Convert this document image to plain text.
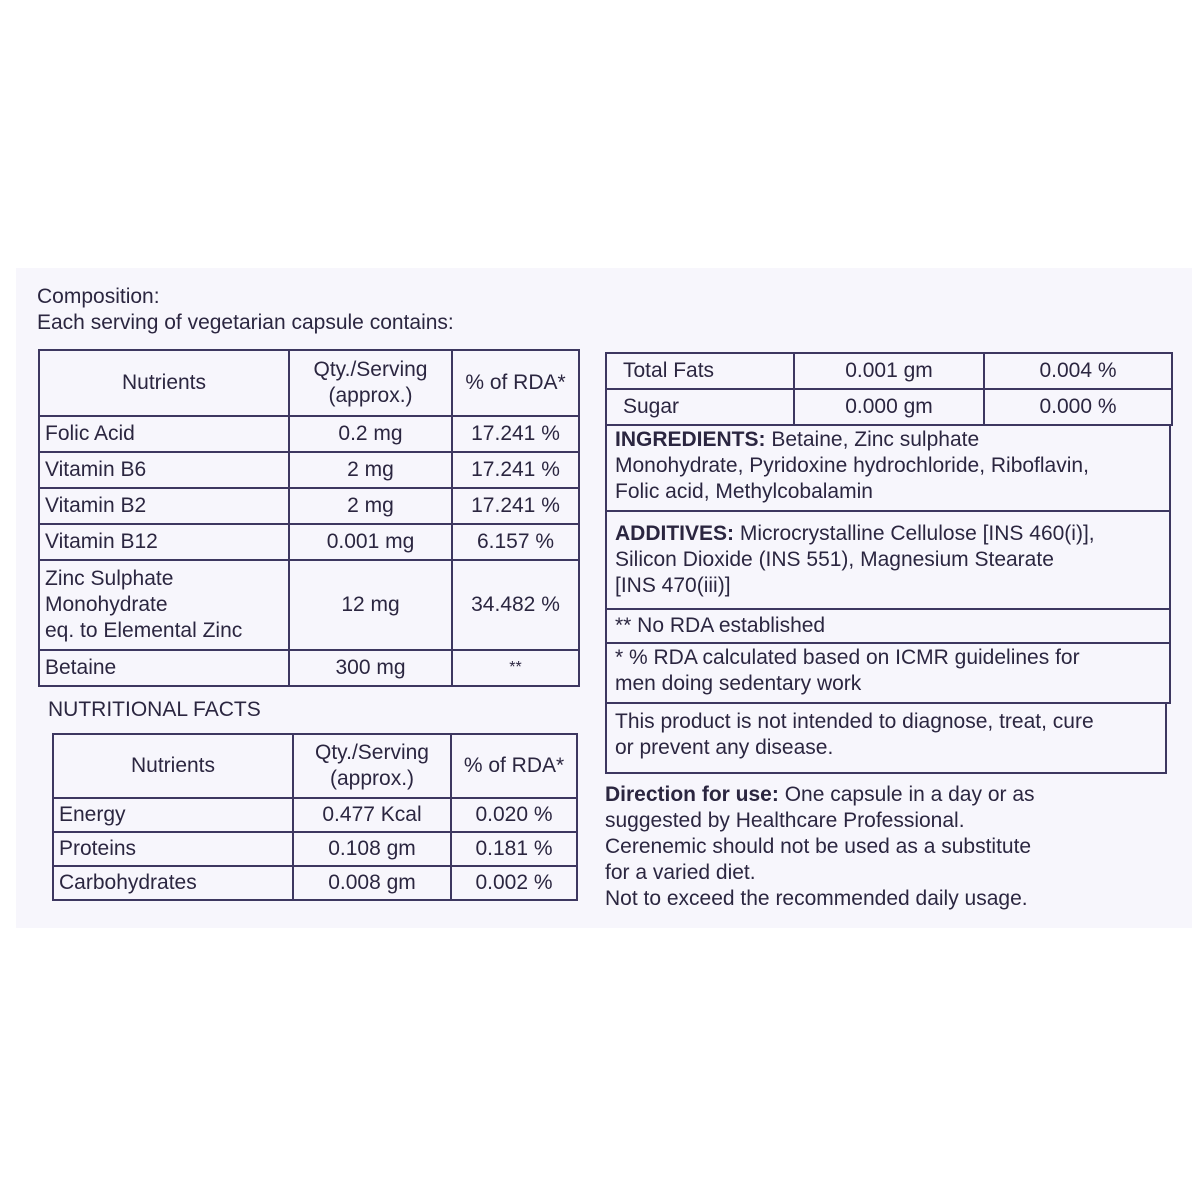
Composition:
Each serving of vegetarian capsule contains:
Nutrients	Qty./Serving (approx.)	% of RDA*
Folic Acid	0.2 mg	17.241 %
Vitamin B6	2 mg	17.241 %
Vitamin B2	2 mg	17.241 %
Vitamin B12	0.001 mg	6.157 %

Zinc Sulphate
Monohydrate
eq. to Elemental Zinc	12 mg	34.482 %
Betaine	300 mg	**
NUTRITIONAL FACTS
Nutrients	Qty./Serving (approx.)	% of RDA*
Energy	0.477 Kcal	0.020 %
Proteins	0.108 gm	0.181 %
Carbohydrates	0.008 gm	0.002 %
Total Fats	0.001 gm	0.004 %
Sugar	0.000 gm	0.000 %
INGREDIENTS: Betaine, Zinc sulphate
Monohydrate, Pyridoxine hydrochloride, Riboflavin,
Folic acid, Methylcobalamin
ADDITIVES: Microcrystalline Cellulose [INS 460(i)],
Silicon Dioxide (INS 551), Magnesium Stearate
[INS 470(iii)]
** No RDA established
* % RDA calculated based on ICMR guidelines for
men doing sedentary work
This product is not intended to diagnose, treat, cure
or prevent any disease.
Direction for use: One capsule in a day or as
suggested by Healthcare Professional.
Cerenemic should not be used as a substitute
for a varied diet.
Not to exceed the recommended daily usage.
